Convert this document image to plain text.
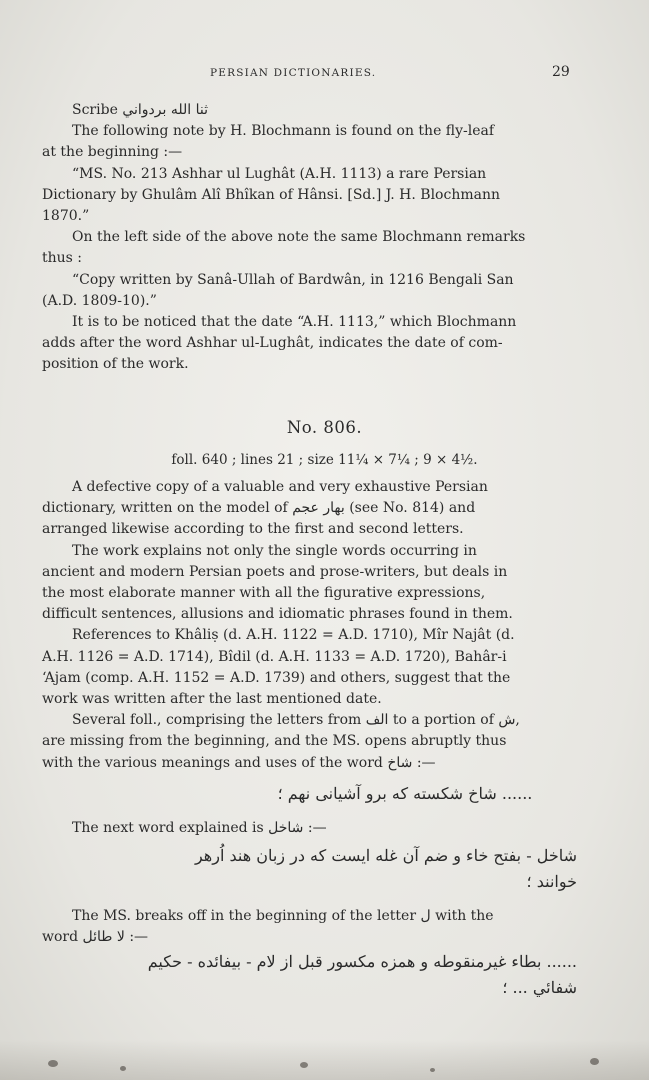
PERSIAN DICTIONARIES.	29

Scribe ثنا الله بردواني

The following note by H. Blochmann is found on the fly-leaf

at the beginning :—

“MS. No. 213 Ashhar ul Lughât (A.H. 1113) a rare Persian

Dictionary by Ghulâm Alî Bhîkan of Hânsi. [Sd.] J. H. Blochmann

1870.”

On the left side of the above note the same Blochmann remarks

thus :

“Copy written by Sanâ-Ullah of Bardwân, in 1216 Bengali San

(A.D. 1809-10).”

It is to be noticed that the date “A.H. 1113,” which Blochmann

adds after the word Ashhar ul-Lughât, indicates the date of com-

position of the work.

No. 806.
foll. 640 ; lines 21 ; size 11¼ × 7¼ ; 9 × 4½.

A defective copy of a valuable and very exhaustive Persian

dictionary, written on the model of بهار عجم (see No. 814) and

arranged likewise according to the first and second letters.

The work explains not only the single words occurring in

ancient and modern Persian poets and prose-writers, but deals in

the most elaborate manner with all the figurative expressions,

difficult sentences, allusions and idiomatic phrases found in them.

References to Khâliṣ (d. A.H. 1122 = A.D. 1710), Mîr Najât (d.

A.H. 1126 = A.D. 1714), Bîdil (d. A.H. 1133 = A.D. 1720), Bahâr-i

ʻAjam (comp. A.H. 1152 = A.D. 1739) and others, suggest that the

work was written after the last mentioned date.

Several foll., comprising the letters from الف to a portion of ش,

are missing from the beginning, and the MS. opens abruptly thus

with the various meanings and uses of the word شاخ :—

...... شاخ شکسته که برو آشیانی نهم ؛

The next word explained is شاخل :—

شاخل - بفتح خاء و ضم آن غله ایست که در زبان هند اُرهر
خوانند ؛

The MS. breaks off in the beginning of the letter ل with the

word لا طائل :—

...... بطاء غیرمنقوطه و همزه مکسور قبل از لام - بیفائده - حکیم
شفائي ... ؛
